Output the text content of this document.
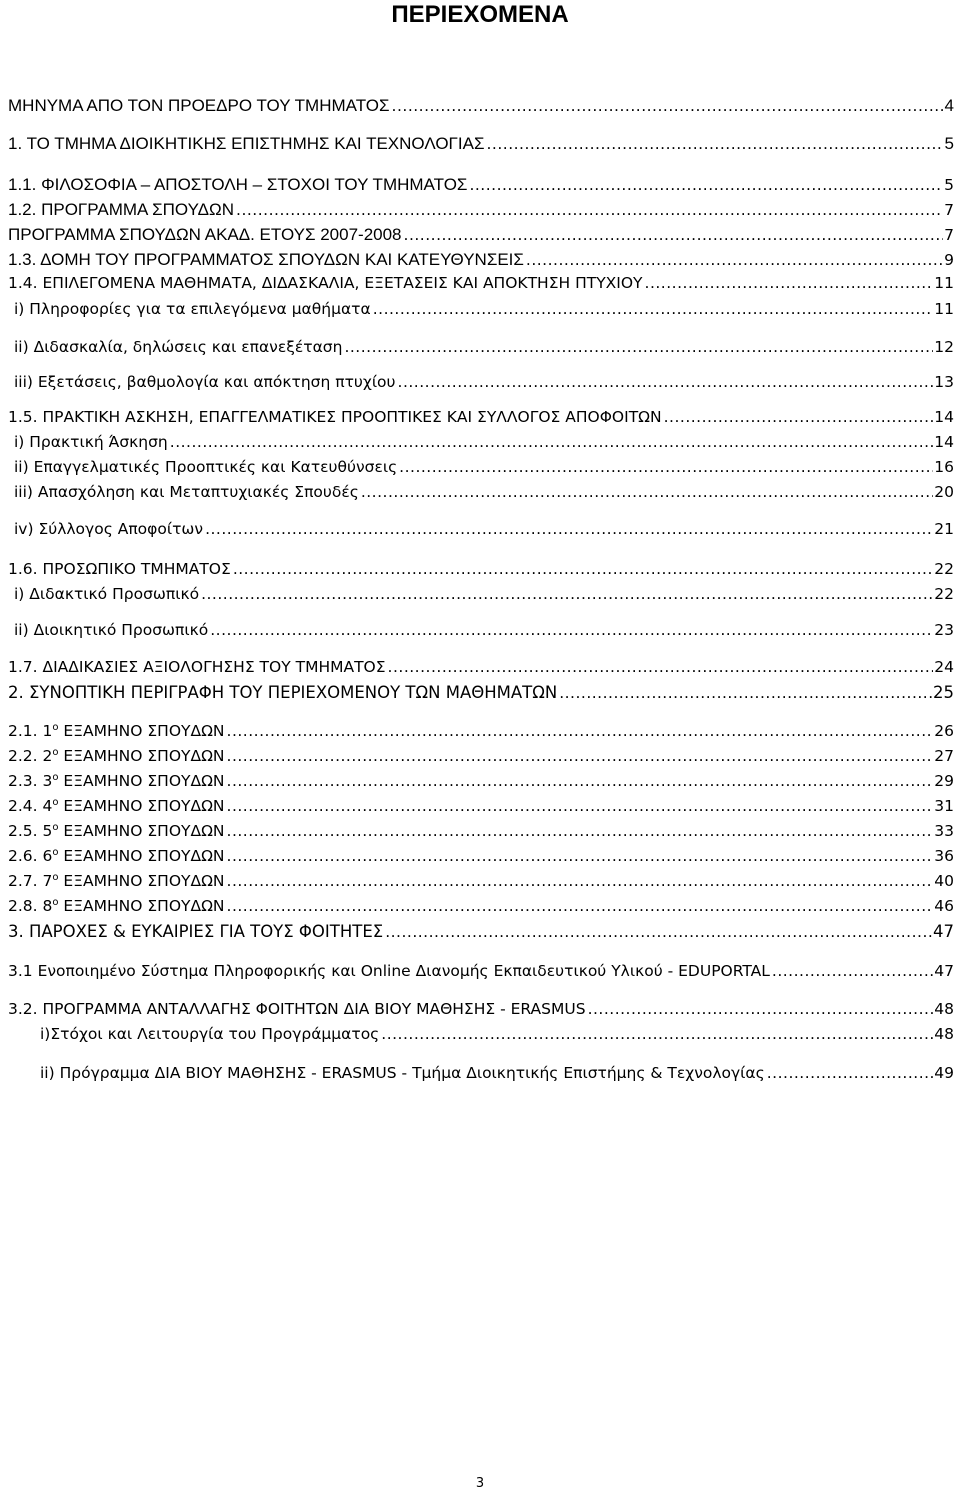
ΠΕΡΙΕΧΟΜΕΝΑ
ΜΗΝΥΜΑ ΑΠΟ ΤΟΝ ΠΡΟΕΔΡΟ ΤΟΥ ΤΜΗΜΑΤΟΣ .....	4
1. ΤΟ ΤΜΗΜΑ ΔΙΟΙΚΗΤΙΚΗΣ ΕΠΙΣΤΗΜΗΣ ΚΑΙ ΤΕΧΝΟΛΟΓΙΑΣ .....	5
1.1. ΦΙΛΟΣΟΦΙΑ – ΑΠΟΣΤΟΛΗ – ΣΤΟΧΟΙ ΤΟΥ ΤΜΗΜΑΤΟΣ .....	5
1.2. ΠΡΟΓΡΑΜΜΑ ΣΠΟΥΔΩΝ .....	7
ΠΡΟΓΡΑΜΜΑ ΣΠΟΥΔΩΝ ΑΚΑΔ. ΕΤΟΥΣ 2007-2008 .....	7
1.3. ΔΟΜΗ ΤΟΥ ΠΡΟΓΡΑΜΜΑΤΟΣ ΣΠΟΥΔΩΝ ΚΑΙ ΚΑΤΕΥΘΥΝΣΕΙΣ .....	9
1.4. ΕΠΙΛΕΓΟΜΕΝΑ ΜΑΘΗΜΑΤΑ, ΔΙΔΑΣΚΑΛΙΑ, ΕΞΕΤΑΣΕΙΣ ΚΑΙ ΑΠΟΚΤΗΣΗ ΠΤΥΧΙΟΥ .....	11
i) Πληροφορίες για τα επιλεγόμενα μαθήματα .....	11
ii) Διδασκαλία, δηλώσεις και επανεξέταση .....	12
iii) Εξετάσεις, βαθμολογία και απόκτηση πτυχίου .....	13
1.5. ΠΡΑΚΤΙΚΗ ΑΣΚΗΣΗ, ΕΠΑΓΓΕΛΜΑΤΙΚΕΣ ΠΡΟΟΠΤΙΚΕΣ ΚΑΙ ΣΥΛΛΟΓΟΣ ΑΠΟΦΟΙΤΩΝ .....	14
i) Πρακτική Άσκηση .....	14
ii) Επαγγελματικές Προοπτικές και Κατευθύνσεις .....	16
iii) Απασχόληση και Μεταπτυχιακές Σπουδές .....	20
iv) Σύλλογος Αποφοίτων .....	21
1.6. ΠΡΟΣΩΠΙΚΟ ΤΜΗΜΑΤΟΣ .....	22
i) Διδακτικό Προσωπικό .....	22
ii) Διοικητικό Προσωπικό .....	23
1.7. ΔΙΑΔΙΚΑΣΙΕΣ ΑΞΙΟΛΟΓΗΣΗΣ ΤΟΥ ΤΜΗΜΑΤΟΣ .....	24
2. ΣΥΝΟΠΤΙΚΗ ΠΕΡΙΓΡΑΦΗ ΤΟΥ ΠΕΡΙΕΧΟΜΕΝΟΥ ΤΩΝ ΜΑΘΗΜΑΤΩΝ .....	25
2.1. $1^o$ ΕΞΑΜΗΝΟ ΣΠΟΥΔΩΝ .....	26
2.2. $2^o$ ΕΞΑΜΗΝΟ ΣΠΟΥΔΩΝ .....	27
2.3. $3^o$ ΕΞΑΜΗΝΟ ΣΠΟΥΔΩΝ .....	29
2.4. $4^o$ ΕΞΑΜΗΝΟ ΣΠΟΥΔΩΝ .....	31
2.5. $5^o$ ΕΞΑΜΗΝΟ ΣΠΟΥΔΩΝ .....	33
2.6. $6^o$ ΕΞΑΜΗΝΟ ΣΠΟΥΔΩΝ .....	36
2.7. $7^o$ ΕΞΑΜΗΝΟ ΣΠΟΥΔΩΝ .....	40
2.8. $8^o$ ΕΞΑΜΗΝΟ ΣΠΟΥΔΩΝ .....	46
3. ΠΑΡΟΧΕΣ & ΕΥΚΑΙΡΙΕΣ ΓΙΑ ΤΟΥΣ ΦΟΙΤΗΤΕΣ .....	47
3.1 Ενοποιημένο Σύστημα Πληροφορικής και Online Διανομής Εκπαιδευτικού Υλικού - EDUPORTAL .....	47
3.2. ΠΡΟΓΡΑΜΜΑ ΑΝΤΑΛΛΑΓΗΣ ΦΟΙΤΗΤΩΝ ΔΙΑ ΒΙΟΥ ΜΑΘΗΣΗΣ - ERASMUS .....	48
i)Στόχοι και Λειτουργία του Προγράμματος .....	48
ii) Πρόγραμμα ΔΙΑ ΒΙΟΥ ΜΑΘΗΣΗΣ - ERASMUS - Τμήμα Διοικητικής Επιστήμης & Τεχνολογίας .....	49
3
